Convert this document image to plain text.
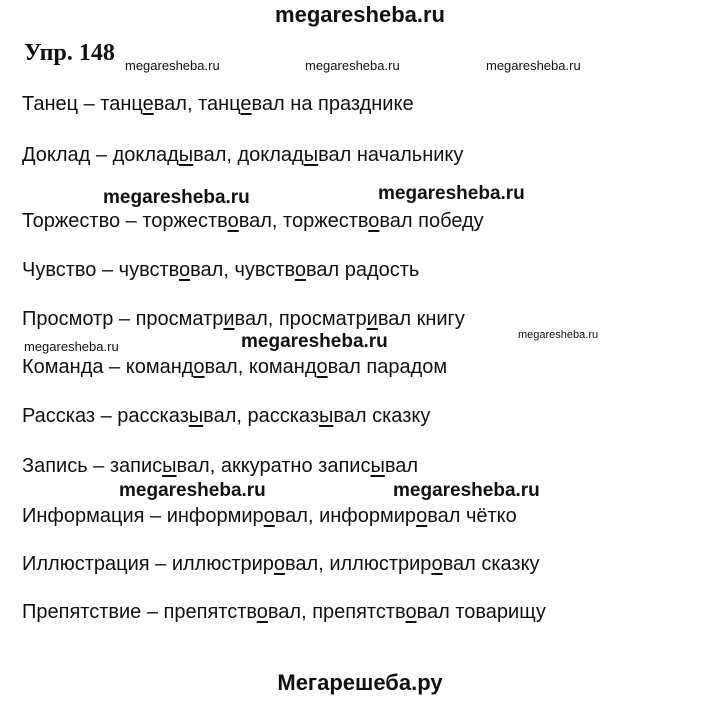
megaresheba.ru
Упр. 148 megaresheba.ru	megaresheba.ru	megaresheba.ru
megaresheba.ru	megaresheba.ru
megaresheba.ru	megaresheba.ru	megaresheba.ru
megaresheba.ru	megaresheba.ru
Танец – танцевал, танцевал на празднике
Доклад – докладывал, докладывал начальнику
Торжество – торжествовал, торжествовал победу
Чувство – чувствовал, чувствовал радость
Просмотр – просматривал, просматривал книгу
Команда – командовал, командовал парадом
Рассказ – рассказывал, рассказывал сказку
Запись – записывал, аккуратно записывал
Информация – информировал, информировал чётко
Иллюстрация – иллюстрировал, иллюстрировал сказку
Препятствие – препятствовал, препятствовал товарищу
Мегарешеба.ру
